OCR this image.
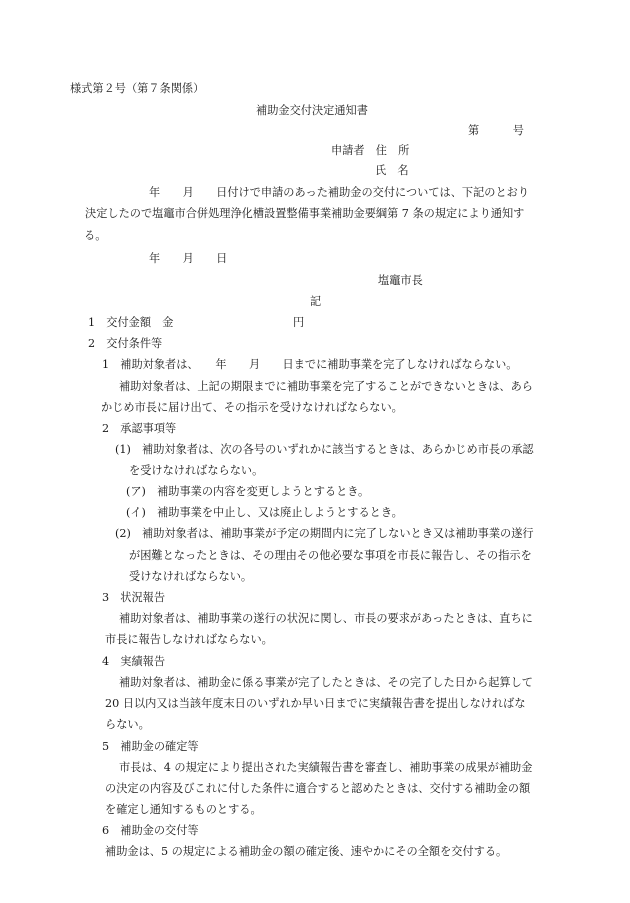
様式第２号（第７条関係）
補助金交付決定通知書
第　　　号
申請者　住　所
氏　名
年　　月　　日付けで申請のあった補助金の交付については、下記のとおり
決定したので塩竈市合併処理浄化槽設置整備事業補助金要綱第 7 条の規定により通知す
る。
年　　月　　日
塩竈市長
記
1　交付金額　金	円
2　交付条件等
1　補助対象者は、　　年　　月　　日までに補助事業を完了しなければならない。
補助対象者は、上記の期限までに補助事業を完了することができないときは、あら
かじめ市長に届け出て、その指示を受けなければならない。
2　承認事項等
(1)　補助対象者は、次の各号のいずれかに該当するときは、あらかじめ市長の承認
を受けなければならない。
(ア)　補助事業の内容を変更しようとするとき。
(イ)　補助事業を中止し、又は廃止しようとするとき。
(2)　補助対象者は、補助事業が予定の期間内に完了しないとき又は補助事業の遂行
が困難となったときは、その理由その他必要な事項を市長に報告し、その指示を
受けなければならない。
3　状況報告
補助対象者は、補助事業の遂行の状況に関し、市長の要求があったときは、直ちに
市長に報告しなければならない。
4　実績報告
補助対象者は、補助金に係る事業が完了したときは、その完了した日から起算して
20 日以内又は当該年度末日のいずれか早い日までに実績報告書を提出しなければな
らない。
5　補助金の確定等
市長は、4 の規定により提出された実績報告書を審査し、補助事業の成果が補助金
の決定の内容及びこれに付した条件に適合すると認めたときは、交付する補助金の額
を確定し通知するものとする。
6　補助金の交付等
補助金は、5 の規定による補助金の額の確定後、速やかにその全額を交付する。
